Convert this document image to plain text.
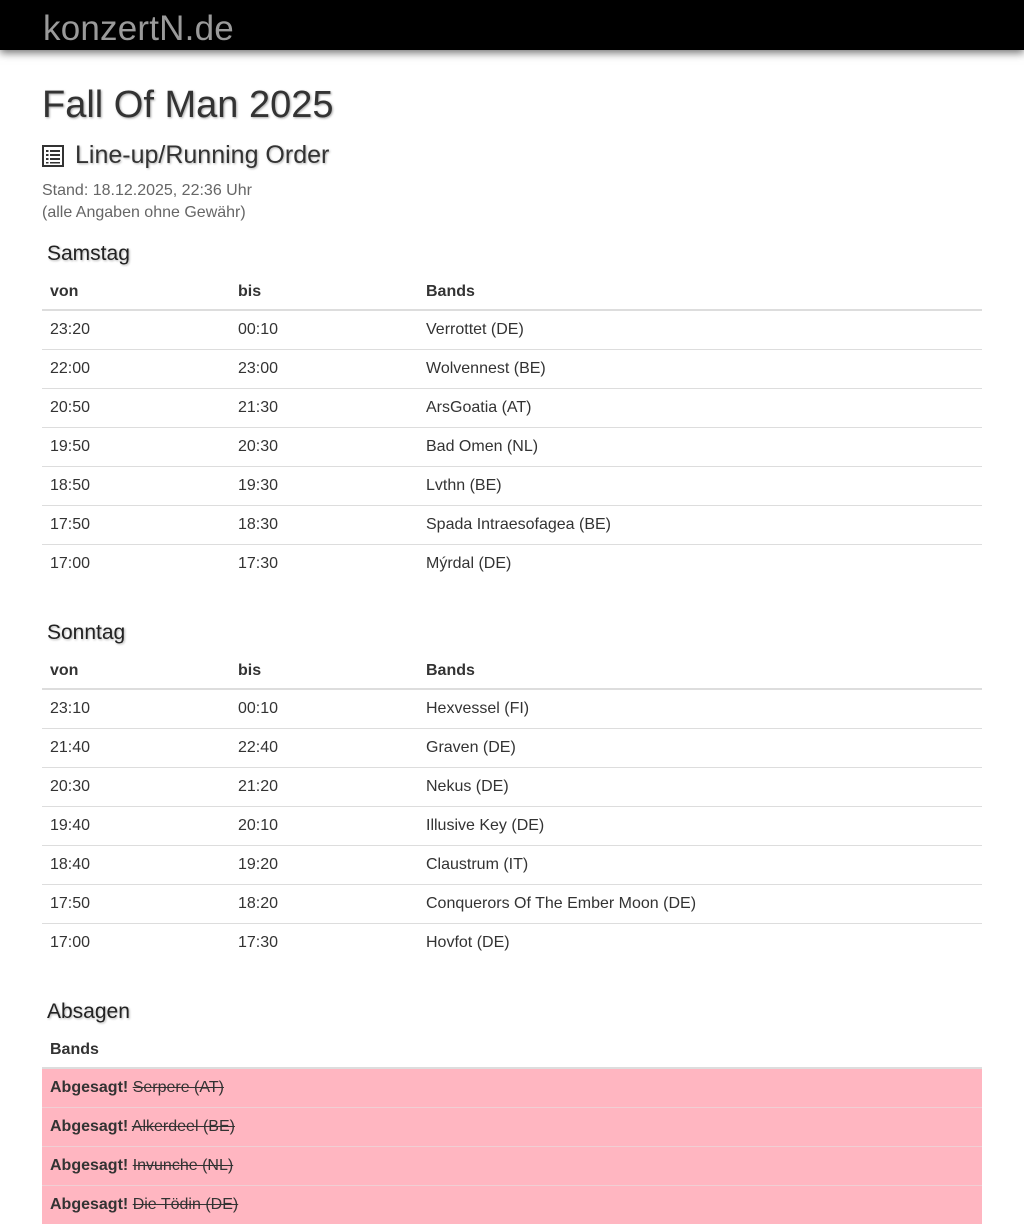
konzertN.de
Fall Of Man 2025
Line-up/Running Order
Stand: 18.12.2025, 22:36 Uhr
(alle Angaben ohne Gewähr)
Samstag
von	bis	Bands
23:20	00:10	Verrottet (DE)
22:00	23:00	Wolvennest (BE)
20:50	21:30	ArsGoatia (AT)
19:50	20:30	Bad Omen (NL)
18:50	19:30	Lvthn (BE)
17:50	18:30	Spada Intraesofagea (BE)
17:00	17:30	Mýrdal (DE)
Sonntag
von	bis	Bands
23:10	00:10	Hexvessel (FI)
21:40	22:40	Graven (DE)
20:30	21:20	Nekus (DE)
19:40	20:10	Illusive Key (DE)
18:40	19:20	Claustrum (IT)
17:50	18:20	Conquerors Of The Ember Moon (DE)
17:00	17:30	Hovfot (DE)
Absagen
Bands
Abgesagt! Serpere (AT)
Abgesagt! Alkerdeel (BE)
Abgesagt! Invunche (NL)
Abgesagt! Die Tödin (DE)
